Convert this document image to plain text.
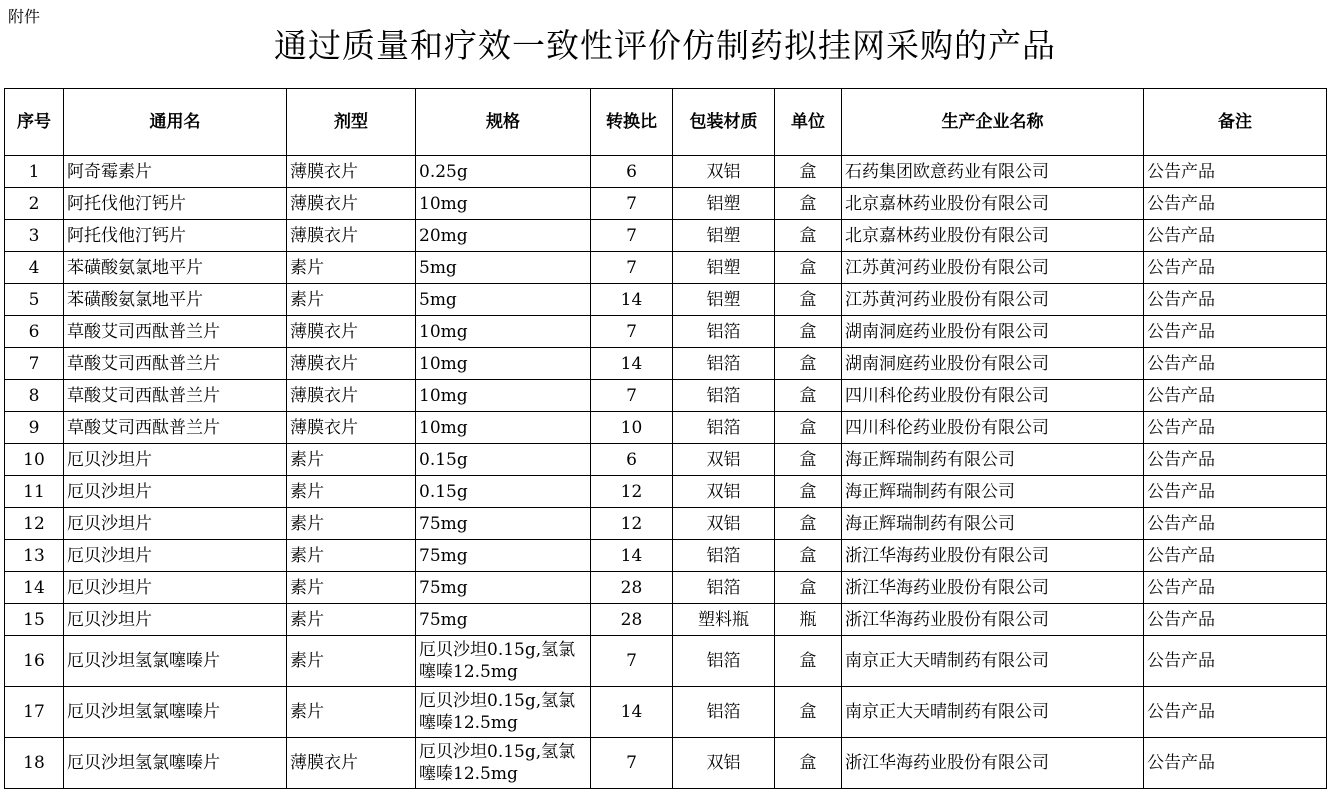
附件
通过质量和疗效一致性评价仿制药拟挂网采购的产品
序号	通用名	剂型	规格	转换比	包装材质	单位	生产企业名称	备注
1	阿奇霉素片	薄膜衣片	0.25g	6	双铝	盒	石药集团欧意药业有限公司	公告产品
2	阿托伐他汀钙片	薄膜衣片	10mg	7	铝塑	盒	北京嘉林药业股份有限公司	公告产品
3	阿托伐他汀钙片	薄膜衣片	20mg	7	铝塑	盒	北京嘉林药业股份有限公司	公告产品
4	苯磺酸氨氯地平片	素片	5mg	7	铝塑	盒	江苏黄河药业股份有限公司	公告产品
5	苯磺酸氨氯地平片	素片	5mg	14	铝塑	盒	江苏黄河药业股份有限公司	公告产品
6	草酸艾司西酞普兰片	薄膜衣片	10mg	7	铝箔	盒	湖南洞庭药业股份有限公司	公告产品
7	草酸艾司西酞普兰片	薄膜衣片	10mg	14	铝箔	盒	湖南洞庭药业股份有限公司	公告产品
8	草酸艾司西酞普兰片	薄膜衣片	10mg	7	铝箔	盒	四川科伦药业股份有限公司	公告产品
9	草酸艾司西酞普兰片	薄膜衣片	10mg	10	铝箔	盒	四川科伦药业股份有限公司	公告产品
10	厄贝沙坦片	素片	0.15g	6	双铝	盒	海正辉瑞制药有限公司	公告产品
11	厄贝沙坦片	素片	0.15g	12	双铝	盒	海正辉瑞制药有限公司	公告产品
12	厄贝沙坦片	素片	75mg	12	双铝	盒	海正辉瑞制药有限公司	公告产品
13	厄贝沙坦片	素片	75mg	14	铝箔	盒	浙江华海药业股份有限公司	公告产品
14	厄贝沙坦片	素片	75mg	28	铝箔	盒	浙江华海药业股份有限公司	公告产品
15	厄贝沙坦片	素片	75mg	28	塑料瓶	瓶	浙江华海药业股份有限公司	公告产品
16	厄贝沙坦氢氯噻嗪片	素片	厄贝沙坦0.15g,氢氯噻嗪12.5mg	7	铝箔	盒	南京正大天晴制药有限公司	公告产品
17	厄贝沙坦氢氯噻嗪片	素片	厄贝沙坦0.15g,氢氯噻嗪12.5mg	14	铝箔	盒	南京正大天晴制药有限公司	公告产品
18	厄贝沙坦氢氯噻嗪片	薄膜衣片	厄贝沙坦0.15g,氢氯噻嗪12.5mg	7	双铝	盒	浙江华海药业股份有限公司	公告产品
